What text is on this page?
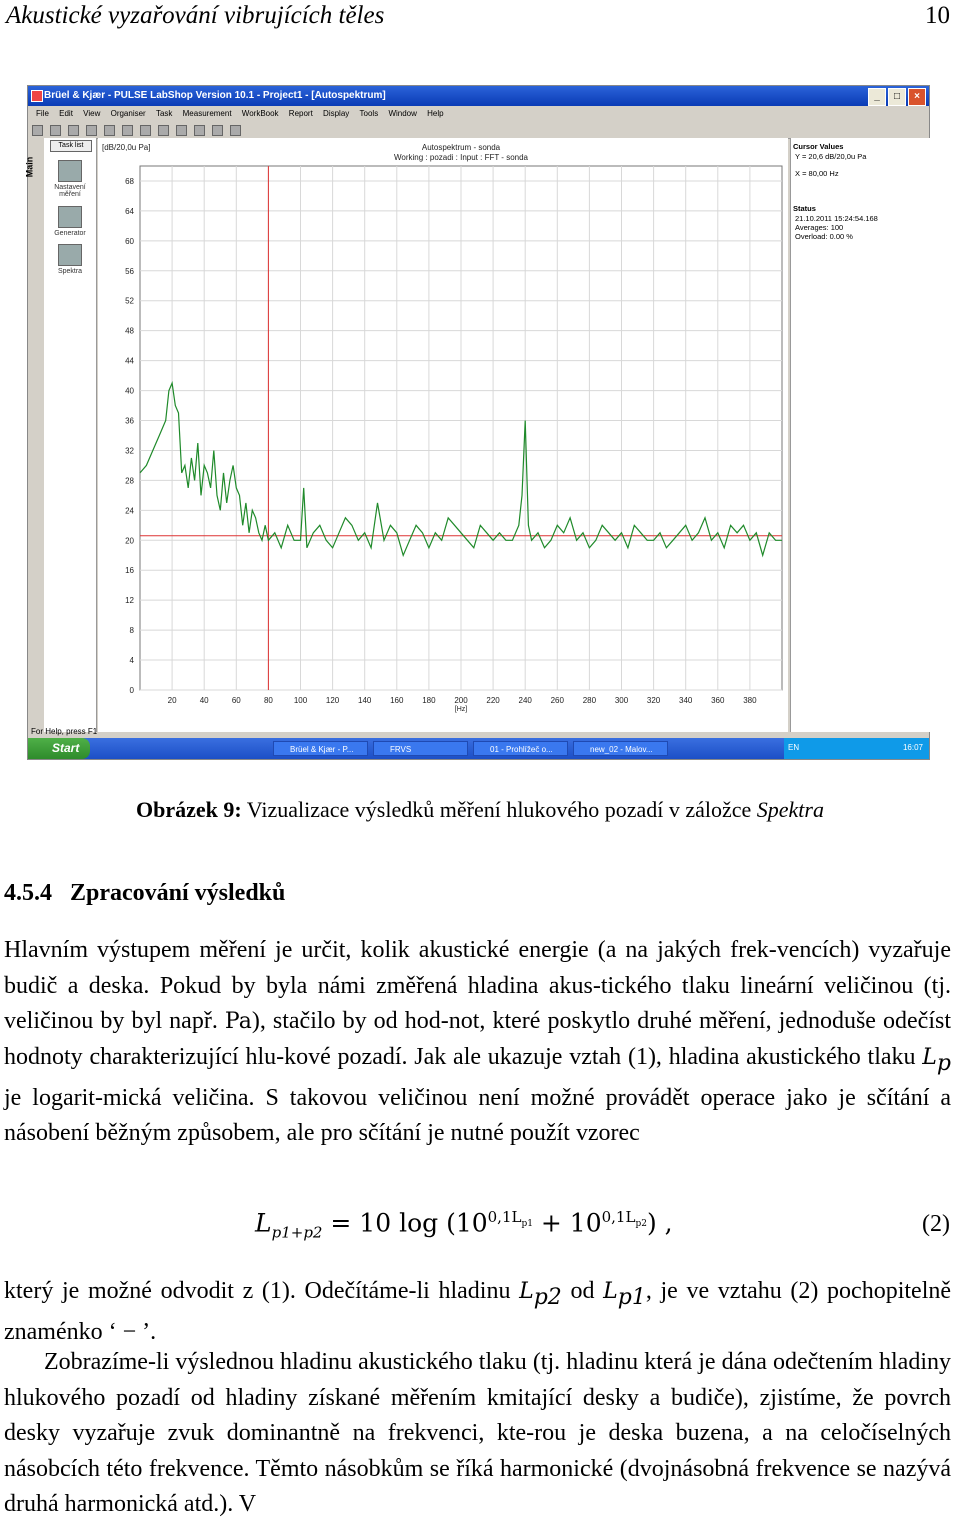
Akustické vyzařování vibrujících těles	10
Brüel & Kjær - PULSE LabShop Version 10.1 - Project1 - [Autospektrum]	_	□	×
File Edit View Organiser Task Measurement WorkBook Report Display Tools Window Help
Main
Task list
Nastavení měření
Generator
Spektra
0
4
8
12
16
20
24
28
32
36
40
44
48
52
56
60
64
68
20	40	60	80	100 120 140 160 180 200 220 240 260 280 300 320 340 360 380
[dB/20,0u Pa]
[Hz]
Autospektrum - sonda
Working : pozadi : Input : FFT - sonda
Cursor Values
Y = 20,6 dB/20,0u Pa
X = 80,00 Hz
Status
21.10.2011 15:24:54.168
Averages: 100
Overload: 0.00 %
For Help, press F1
Start	Brüel & Kjær - P...	FRVS	01 - Prohlížeč o...	new_02 - Malov...	EN	16:07
Obrázek 9: Vizualizace výsledků měření hlukového pozadí v záložce Spektra
4.5.4 Zpracování výsledků
Hlavním výstupem měření je určit, kolik akustické energie (a na jakých frek-vencích) vyzařuje budič a deska. Pokud by byla námi změřená hladina akus-tického tlaku lineární veličinou (tj. veličinou by byl např. Pa), stačilo by od hod-not, které poskytlo druhé měření, jednoduše odečíst hodnoty charakterizující hlu-kové pozadí. Jak ale ukazuje vztah (1), hladina akustického tlaku $L_p$ je logarit-mická veličina. S takovou veličinou není možné provádět operace jako je sčítání a násobení běžným způsobem, ale pro sčítání je nutné použít vzorec
$L_{p1+p2} = 10$ $\log (10^{0,1L_{p1}} + 10^{0,1L_{p2}})$ ,	(2)
který je možné odvodit z (1). Odečítáme-li hladinu $L_{p2}$ od $L_{p1}$, je ve vztahu (2) pochopitelně znaménko ‘ − ’.
Zobrazíme-li výslednou hladinu akustického tlaku (tj. hladinu která je dána odečtením hladiny hlukového pozadí od hladiny získané měřením kmitající desky a budiče), zjistíme, že povrch desky vyzařuje zvuk dominantně na frekvenci, kte-rou je deska buzena, a na celočíselných násobcích této frekvence. Těmto násobkům se říká harmonické (dvojnásobná frekvence se nazývá druhá harmonická atd.). V
